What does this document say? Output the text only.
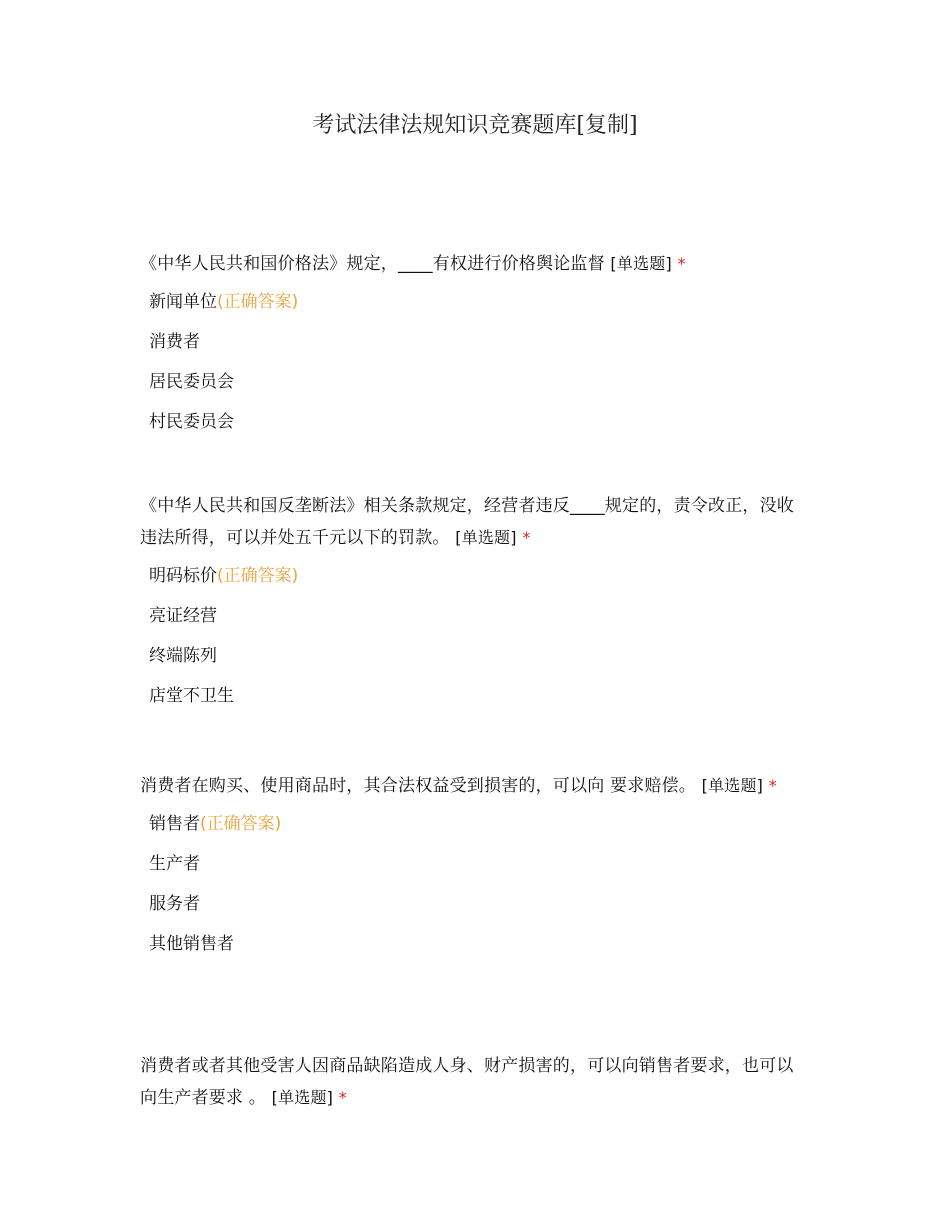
考试法律法规知识竞赛题库[复制]

《中华人民共和国价格法》规定，____有权进行价格舆论监督 [单选题] *

新闻单位(正确答案)
消费者
居民委员会
村民委员会

《中华人民共和国反垄断法》相关条款规定，经营者违反____规定的，责令改正，没收违法所得，可以并处五千元以下的罚款。 [单选题] *

明码标价(正确答案)
亮证经营
终端陈列
店堂不卫生

消费者在购买、使用商品时，其合法权益受到损害的，可以向 要求赔偿。 [单选题] *

销售者(正确答案)
生产者
服务者
其他销售者

消费者或者其他受害人因商品缺陷造成人身、财产损害的，可以向销售者要求，也可以向生产者要求 。 [单选题] *
